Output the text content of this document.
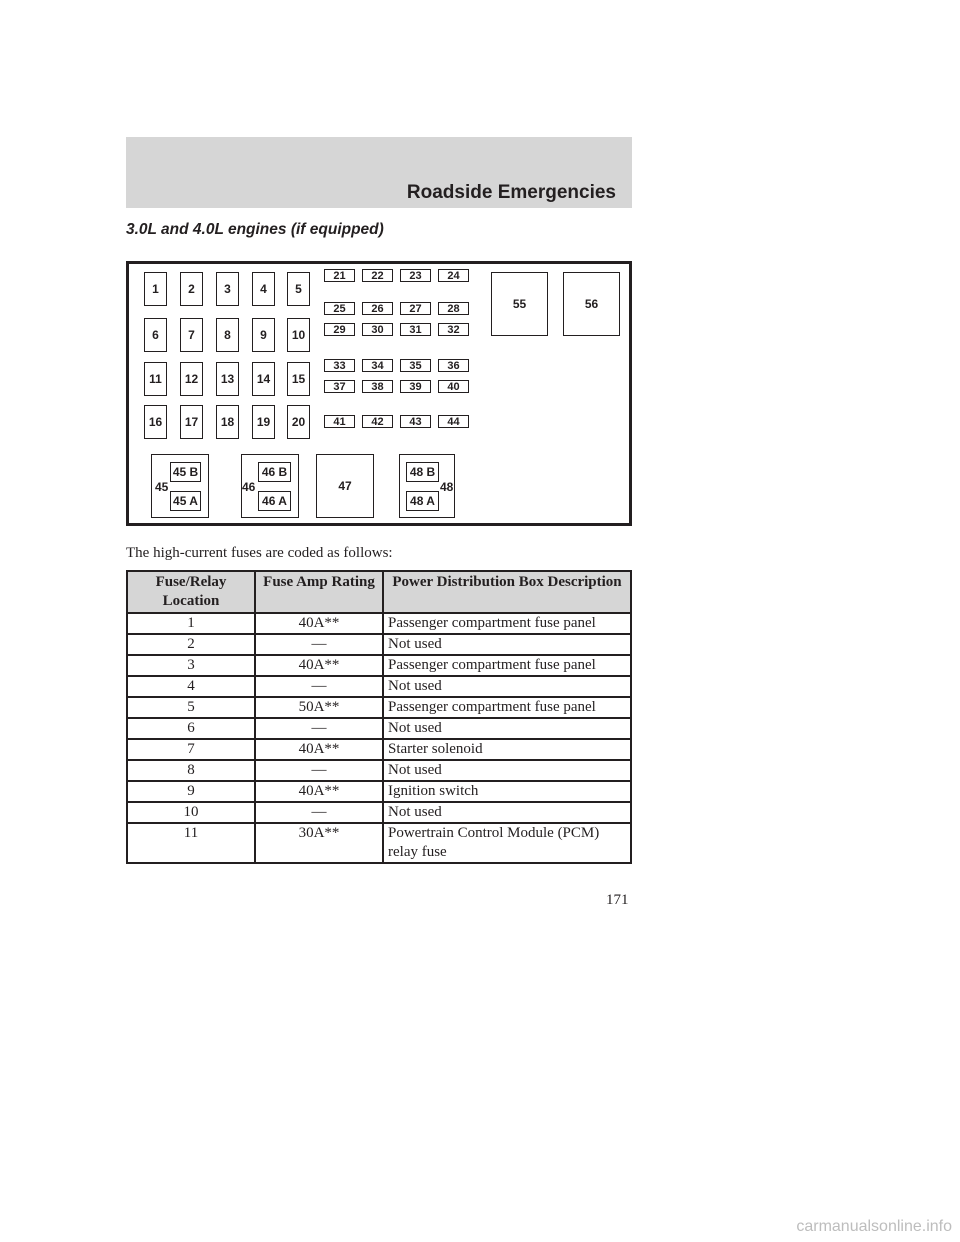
Roadside Emergencies
3.0L and 4.0L engines (if equipped)
45
45 B
45 A
46
46 B
46 A
47
48 B
48 A
48
1	2	3	4	5
6	7	8	9	10
11	12	13	14	15
16	17	18	19	20
21	22	23	24
25	26	27	28
29	30	31	32
33	34	35	36
37	38	39	40
41	42	43	44
55	56
The high-current fuses are coded as follows:
Fuse/Relay Location	Fuse Amp Rating	Power Distribution Box Description
1	40A**	Passenger compartment fuse panel
2	—	Not used
3	40A**	Passenger compartment fuse panel
4	—	Not used
5	50A**	Passenger compartment fuse panel
6	—	Not used
7	40A**	Starter solenoid
8	—	Not used
9	40A**	Ignition switch
10	—	Not used
11	30A**	Powertrain Control Module (PCM) relay fuse
171
carmanualsonline.info
